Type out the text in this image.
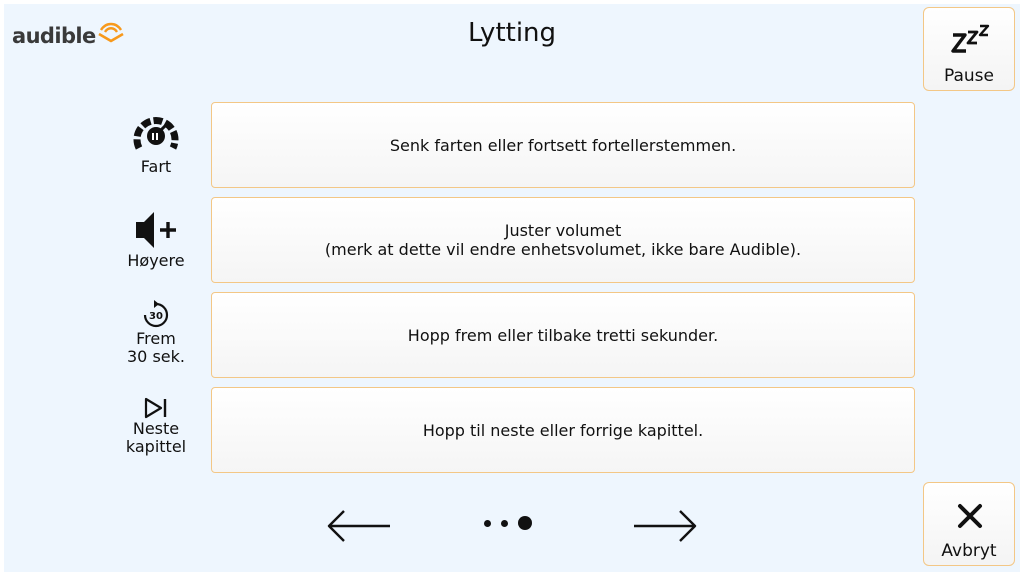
audible	Lytting
Pause
Avbryt
Fart
Senk farten eller fortsett fortellerstemmen.
Høyere
Juster volumet
(merk at dette vil endre enhetsvolumet, ikke bare Audible).
30
Frem
30 sek.
Hopp frem eller tilbake tretti sekunder.
Neste
kapittel
Hopp til neste eller forrige kapittel.
